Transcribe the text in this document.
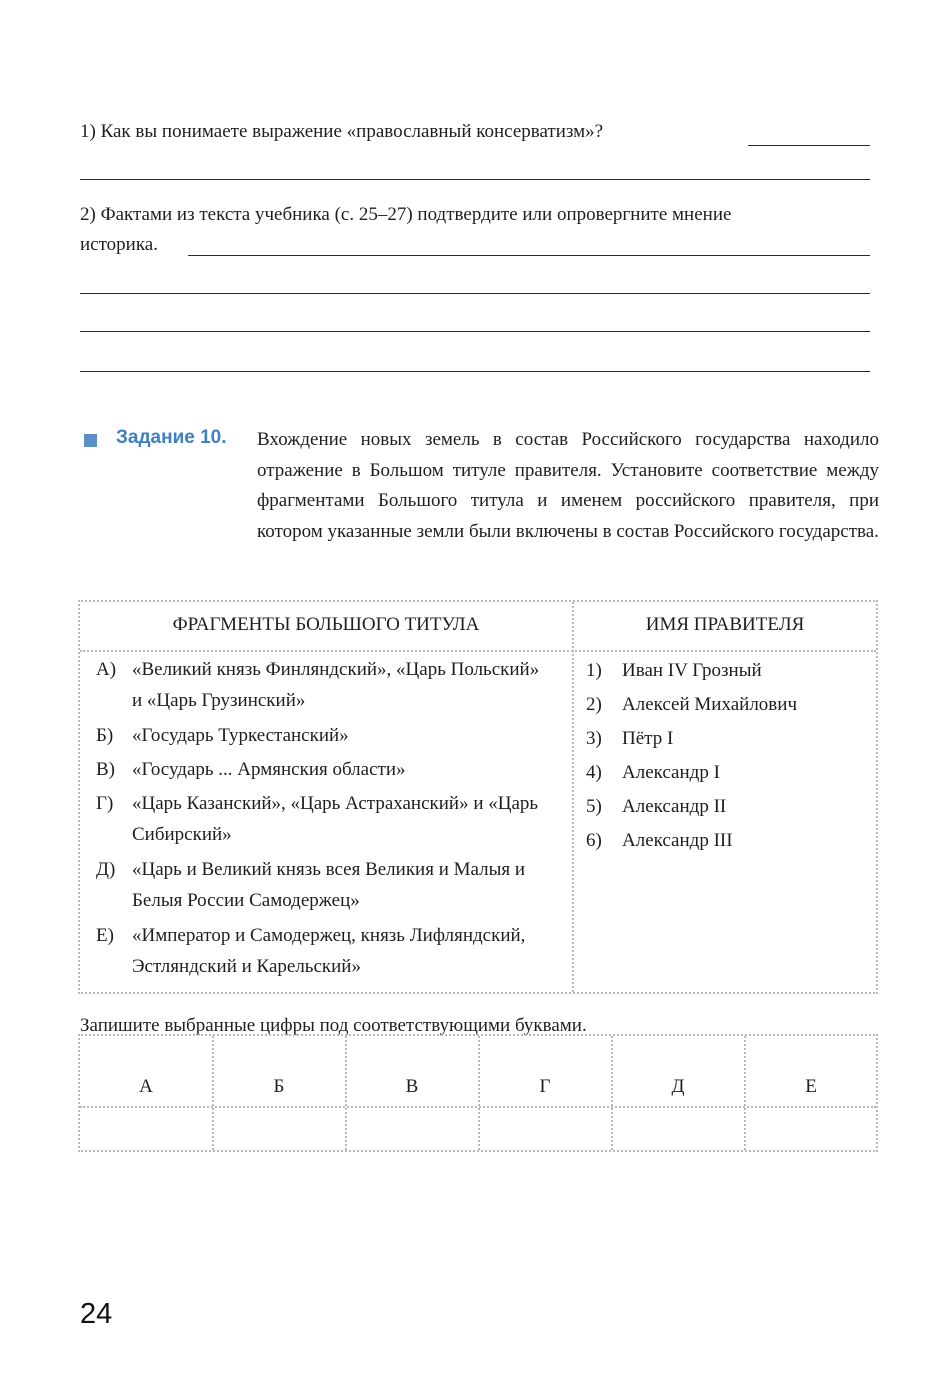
1) Как вы понимаете выражение «православный консерватизм»?
2) Фактами из текста учебника (с. 25–27) подтвердите или опровергните мнение
историка.
Задание 10. Вхождение новых земель в состав Российского государства находило отражение в Большом титуле правителя. Установите соответствие между фрагментами Большого титула и именем российского правителя, при котором указанные земли были включены в состав Российского государства.
ФРАГМЕНТЫ БОЛЬШОГО ТИТУЛА	ИМЯ ПРАВИТЕЛЯ
А) «Великий князь Финляндский», «Царь Польский» и «Царь Грузинский»
Б) «Государь Туркестанский»
В) «Государь ... Армянския области»
Г) «Царь Казанский», «Царь Астраханский» и «Царь Сибирский»
Д) «Царь и Великий князь всея Великия и Малыя и Белыя России Самодержец»
Е) «Император и Самодержец, князь Лифляндский, Эстляндский и Карельский»
1) Иван IV Грозный
2) Алексей Михайлович
3) Пётр I
4) Александр I
5) Александр II
6) Александр III
Запишите выбранные цифры под соответствующими буквами.
А	Б	В	Г	Д	Е
24
